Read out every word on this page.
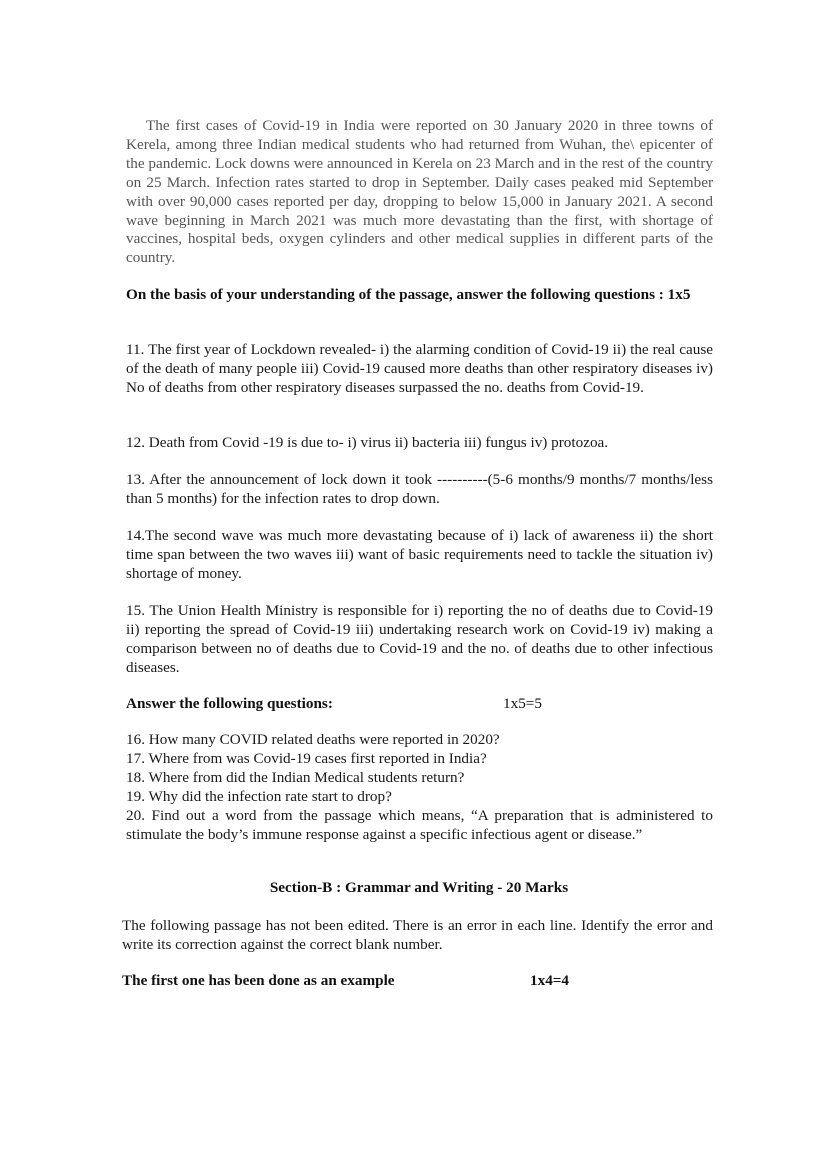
The first cases of Covid-19 in India were reported on 30 January 2020 in three towns of Kerela, among three Indian medical students who had returned from Wuhan, the\ epicenter of the pandemic. Lock downs were announced in Kerela on 23 March and in the rest of the country on 25 March. Infection rates started to drop in September. Daily cases peaked mid September with over 90,000 cases reported per day, dropping to below 15,000 in January 2021. A second wave beginning in March 2021 was much more devastating than the first, with shortage of vaccines, hospital beds, oxygen cylinders and other medical supplies in different parts of the country.

On the basis of your understanding of the passage, answer the following questions : 1x5

11. The first year of Lockdown revealed- i) the alarming condition of Covid-19 ii) the real cause of the death of many people iii) Covid-19 caused more deaths than other respiratory diseases iv) No of deaths from other respiratory diseases surpassed the no. deaths from Covid-19.

12. Death from Covid -19 is due to- i) virus ii) bacteria iii) fungus iv) protozoa.

13. After the announcement of lock down it took ----------(5-6 months/9 months/7 months/less than 5 months) for the infection rates to drop down.

14.The second wave was much more devastating because of i) lack of awareness ii) the short time span between the two waves iii) want of basic requirements need to tackle the situation iv) shortage of money.

15. The Union Health Ministry is responsible for i) reporting the no of deaths due to Covid-19 ii) reporting the spread of Covid-19 iii) undertaking research work on Covid-19 iv) making a comparison between no of deaths due to Covid-19 and the no. of deaths due to other infectious diseases.

Answer the following questions:	1x5=5

16. How many COVID related deaths were reported in 2020?
17. Where from was Covid-19 cases first reported in India?
18. Where from did the Indian Medical students return?
19. Why did the infection rate start to drop?
20. Find out a word from the passage which means, “A preparation that is administered to stimulate the body’s immune response against a specific infectious agent or disease.”
Section-B : Grammar and Writing - 20 Marks

The following passage has not been edited. There is an error in each line. Identify the error and write its correction against the correct blank number.

The first one has been done as an example	1x4=4
